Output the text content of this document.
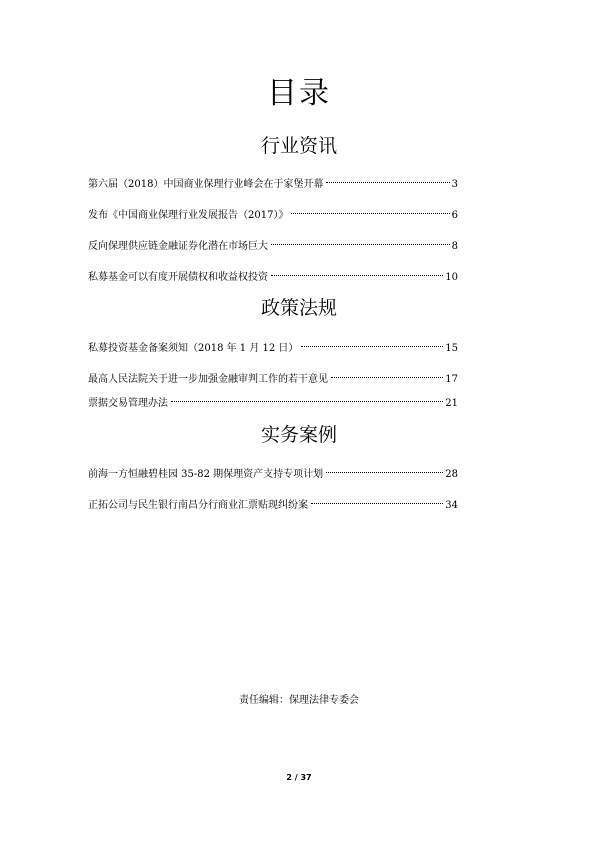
目录
行业资讯
第六届（2018）中国商业保理行业峰会在于家堡开幕	3
发布《中国商业保理行业发展报告（2017）》	6
反向保理供应链金融证券化潜在市场巨大	8
私募基金可以有度开展债权和收益权投资	10
政策法规
私募投资基金备案须知（2018 年 1 月 12 日）	15
最高人民法院关于进一步加强金融审判工作的若干意见	17
票据交易管理办法	21
实务案例
前海一方恒融碧桂园 35-82 期保理资产支持专项计划	28
正拓公司与民生银行南昌分行商业汇票贴现纠纷案	34
责任编辑：保理法律专委会
2 / 37
